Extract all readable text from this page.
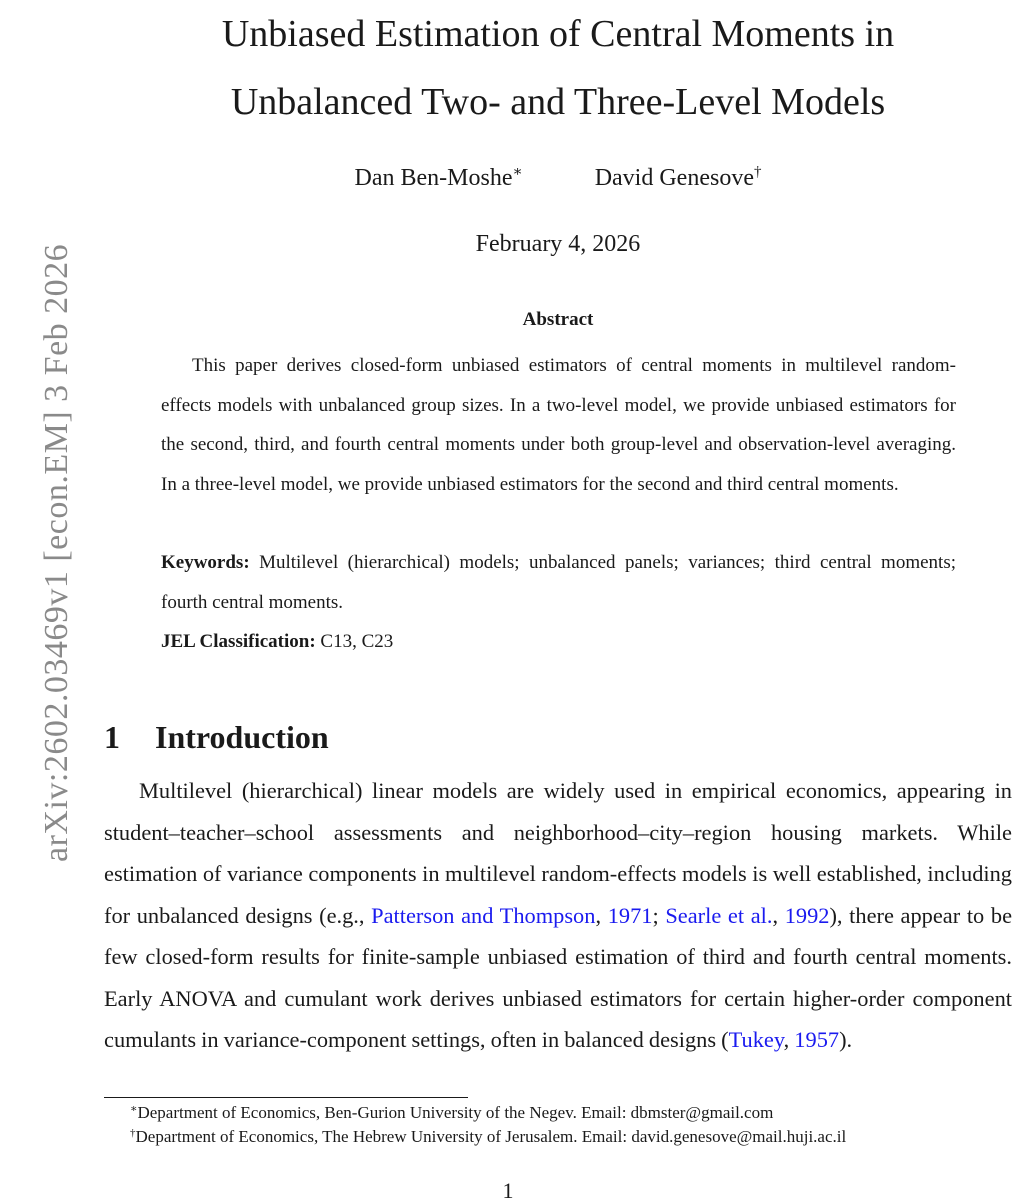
arXiv:2602.03469v1 [econ.EM] 3 Feb 2026
Unbiased Estimation of Central Moments in
Unbalanced Two- and Three-Level Models
Dan Ben-Moshe∗	David Genesove†
February 4, 2026
Abstract

This paper derives closed-form unbiased estimators of central moments in multilevel random-effects models with unbalanced group sizes. In a two-level model, we provide unbiased estimators for the second, third, and fourth central moments under both group-level and observation-level averaging. In a three-level model, we provide unbiased estimators for the second and third central moments.

Keywords: Multilevel (hierarchical) models; unbalanced panels; variances; third central moments; fourth central moments.

JEL Classification: C13, C23

1 Introduction

Multilevel (hierarchical) linear models are widely used in empirical economics, appearing in student–teacher–school assessments and neighborhood–city–region housing markets. While estimation of variance components in multilevel random-effects models is well established, including for unbalanced designs (e.g., Patterson and Thompson, 1971; Searle et al., 1992), there appear to be few closed-form results for finite-sample unbiased estimation of third and fourth central moments. Early ANOVA and cumulant work derives unbiased estimators for certain higher-order component cumulants in variance-component settings, often in balanced designs (Tukey, 1957).

∗Department of Economics, Ben-Gurion University of the Negev. Email: dbmster@gmail.com

†Department of Economics, The Hebrew University of Jerusalem. Email: david.genesove@mail.huji.ac.il

1
